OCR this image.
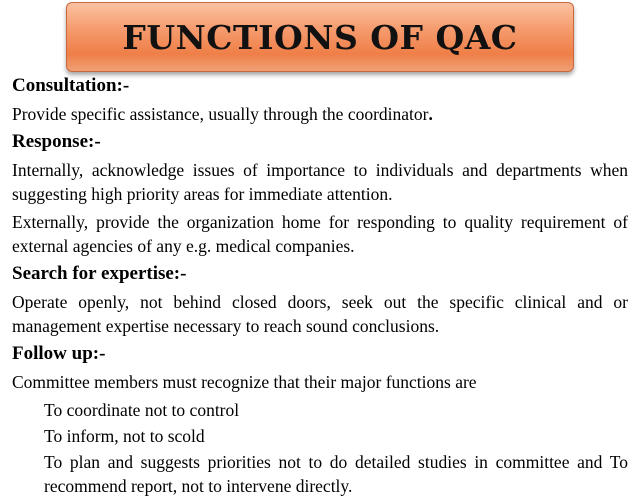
FUNCTIONS OF QAC
Consultation:-
Provide specific assistance, usually through the coordinator.
Response:-
Internally, acknowledge issues of importance to individuals and departments when suggesting high priority areas for immediate attention.
Externally, provide the organization home for responding to quality requirement of external agencies of any e.g. medical companies.
Search for expertise:-
Operate openly, not behind closed doors, seek out the specific clinical and or management expertise necessary to reach sound conclusions.
Follow up:-
Committee members must recognize that their major functions are
To coordinate not to control
To inform, not to scold
To plan and suggests priorities not to do detailed studies in committee and To recommend report, not to intervene directly.
